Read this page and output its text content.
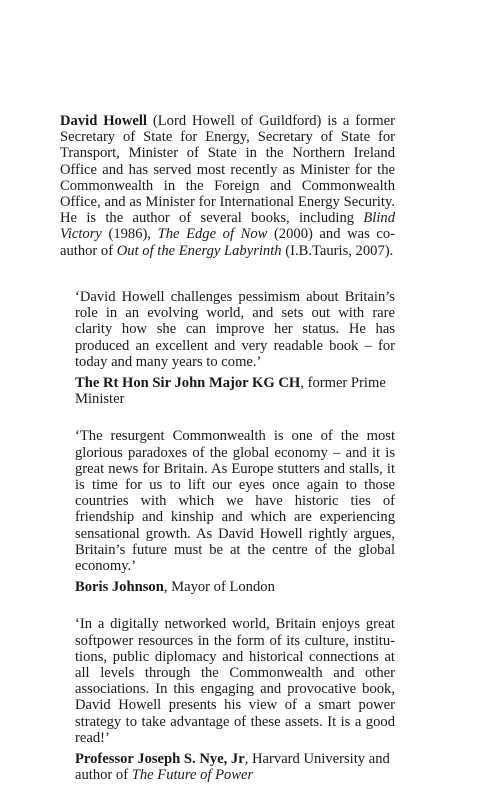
David Howell (Lord Howell of Guildford) is a former Secretary of State for Energy, Secretary of State for Transport, Minister of State in the Northern Ireland Office and has served most recently as Minister for the Commonwealth in the Foreign and Commonwealth Office, and as Minister for International Energy Security. He is the author of several books, including Blind Victory (1986), The Edge of Now (2000) and was co-author of Out of the Energy Labyrinth (I.B.Tauris, 2007).

‘David Howell challenges pessimism about Britain’s role in an evolving world, and sets out with rare clarity how she can improve her status. He has produced an excellent and very readable book – for today and many years to come.’

The Rt Hon Sir John Major KG CH, former Prime Minister

‘The resurgent Commonwealth is one of the most glorious paradoxes of the global economy – and it is great news for Britain. As Europe stutters and stalls, it is time for us to lift our eyes once again to those countries with which we have historic ties of friendship and kinship and which are experiencing sensational growth. As David Howell rightly argues, Britain’s future must be at the centre of the global economy.’

Boris Johnson, Mayor of London

‘In a digitally networked world, Britain enjoys great softpower resources in the form of its culture, institutions, public diplomacy and historical connections at all levels through the Commonwealth and other associations. In this engaging and provocative book, David Howell presents his view of a smart power strategy to take advantage of these assets. It is a good read!’

Professor Joseph S. Nye, Jr, Harvard University and author of The Future of Power
